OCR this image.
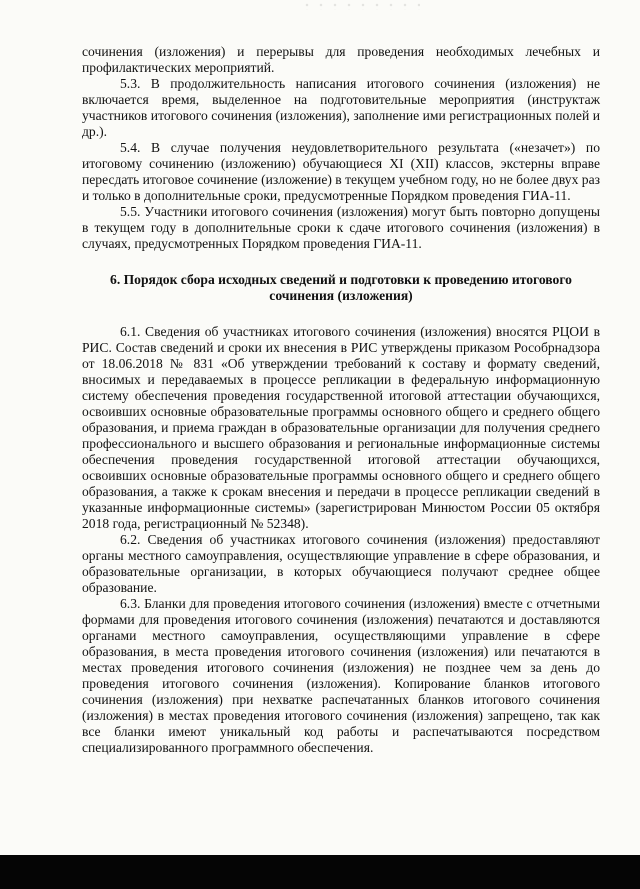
сочинения (изложения) и перерывы для проведения необходимых лечебных и профилактических мероприятий.

5.3. В продолжительность написания итогового сочинения (изложения) не включается время, выделенное на подготовительные мероприятия (инструктаж участников итогового сочинения (изложения), заполнение ими регистрационных полей и др.).

5.4. В случае получения неудовлетворительного результата («незачет») по итоговому сочинению (изложению) обучающиеся XI (XII) классов, экстерны вправе пересдать итоговое сочинение (изложение) в текущем учебном году, но не более двух раз и только в дополнительные сроки, предусмотренные Порядком проведения ГИА-11.

5.5. Участники итогового сочинения (изложения) могут быть повторно допущены в текущем году в дополнительные сроки к сдаче итогового сочинения (изложения) в случаях, предусмотренных Порядком проведения ГИА-11.

6. Порядок сбора исходных сведений и подготовки к проведению итогового сочинения (изложения)

6.1. Сведения об участниках итогового сочинения (изложения) вносятся РЦОИ в РИС. Состав сведений и сроки их внесения в РИС утверждены приказом Рособрнадзора от 18.06.2018 № 831 «Об утверждении требований к составу и формату сведений, вносимых и передаваемых в процессе репликации в федеральную информационную систему обеспечения проведения государственной итоговой аттестации обучающихся, освоивших основные образовательные программы основного общего и среднего общего образования, и приема граждан в образовательные организации для получения среднего профессионального и высшего образования и региональные информационные системы обеспечения проведения государственной итоговой аттестации обучающихся, освоивших основные образовательные программы основного общего и среднего общего образования, а также к срокам внесения и передачи в процессе репликации сведений в указанные информационные системы» (зарегистрирован Минюстом России 05 октября 2018 года, регистрационный № 52348).

6.2. Сведения об участниках итогового сочинения (изложения) предоставляют органы местного самоуправления, осуществляющие управление в сфере образования, и образовательные организации, в которых обучающиеся получают среднее общее образование.

6.3. Бланки для проведения итогового сочинения (изложения) вместе с отчетными формами для проведения итогового сочинения (изложения) печатаются и доставляются органами местного самоуправления, осуществляющими управление в сфере образования, в места проведения итогового сочинения (изложения) или печатаются в местах проведения итогового сочинения (изложения) не позднее чем за день до проведения итогового сочинения (изложения). Копирование бланков итогового сочинения (изложения) при нехватке распечатанных бланков итогового сочинения (изложения) в местах проведения итогового сочинения (изложения) запрещено, так как все бланки имеют уникальный код работы и распечатываются посредством специализированного программного обеспечения.
